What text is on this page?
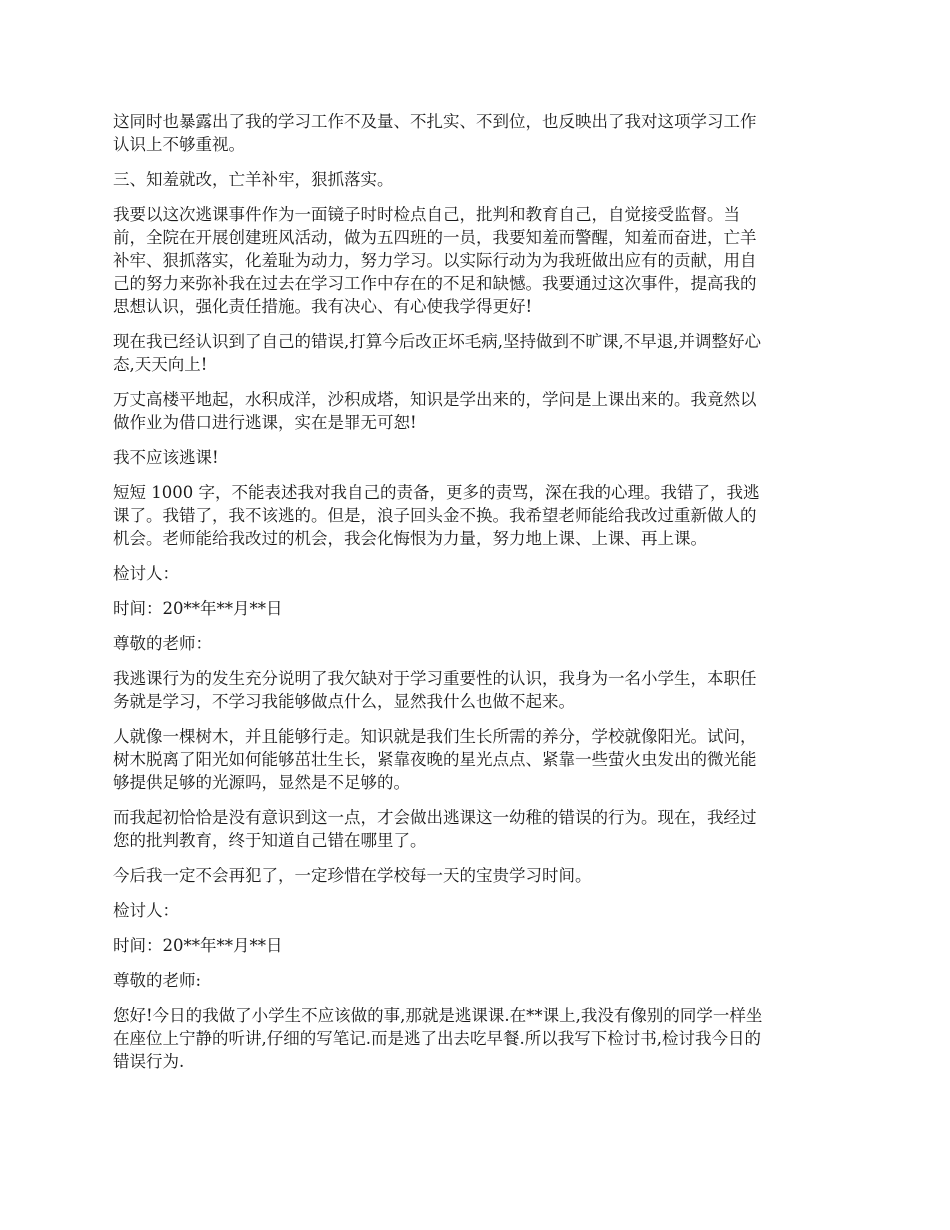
这同时也暴露出了我的学习工作不及量、不扎实、不到位，也反映出了我对这项学习工作
认识上不够重视。

三、知羞就改，亡羊补牢，狠抓落实。

我要以这次逃课事件作为一面镜子时时检点自己，批判和教育自己，自觉接受监督。当
前，全院在开展创建班风活动，做为五四班的一员，我要知羞而警醒，知羞而奋进，亡羊
补牢、狠抓落实，化羞耻为动力，努力学习。以实际行动为为我班做出应有的贡献，用自
己的努力来弥补我在过去在学习工作中存在的不足和缺憾。我要通过这次事件，提高我的
思想认识，强化责任措施。我有决心、有心使我学得更好!

现在我已经认识到了自己的错误,打算今后改正坏毛病,坚持做到不旷课,不早退,并调整好心
态,天天向上!

万丈高楼平地起，水积成洋，沙积成塔，知识是学出来的，学问是上课出来的。我竟然以
做作业为借口进行逃课，实在是罪无可恕!

我不应该逃课!

短短 1000 字，不能表述我对我自己的责备，更多的责骂，深在我的心理。我错了，我逃
课了。我错了，我不该逃的。但是，浪子回头金不换。我希望老师能给我改过重新做人的
机会。老师能给我改过的机会，我会化悔恨为力量，努力地上课、上课、再上课。

检讨人：

时间：20**年**月**日

尊敬的老师：

我逃课行为的发生充分说明了我欠缺对于学习重要性的认识，我身为一名小学生，本职任
务就是学习，不学习我能够做点什么，显然我什么也做不起来。

人就像一棵树木，并且能够行走。知识就是我们生长所需的养分，学校就像阳光。试问，
树木脱离了阳光如何能够茁壮生长，紧靠夜晚的星光点点、紧靠一些萤火虫发出的微光能
够提供足够的光源吗，显然是不足够的。

而我起初恰恰是没有意识到这一点，才会做出逃课这一幼稚的错误的行为。现在，我经过
您的批判教育，终于知道自己错在哪里了。

今后我一定不会再犯了，一定珍惜在学校每一天的宝贵学习时间。

检讨人：

时间：20**年**月**日

尊敬的老师:

您好!今日的我做了小学生不应该做的事,那就是逃课课.在**课上,我没有像别的同学一样坐
在座位上宁静的听讲,仔细的写笔记.而是逃了出去吃早餐.所以我写下检讨书,检讨我今日的
错误行为.
